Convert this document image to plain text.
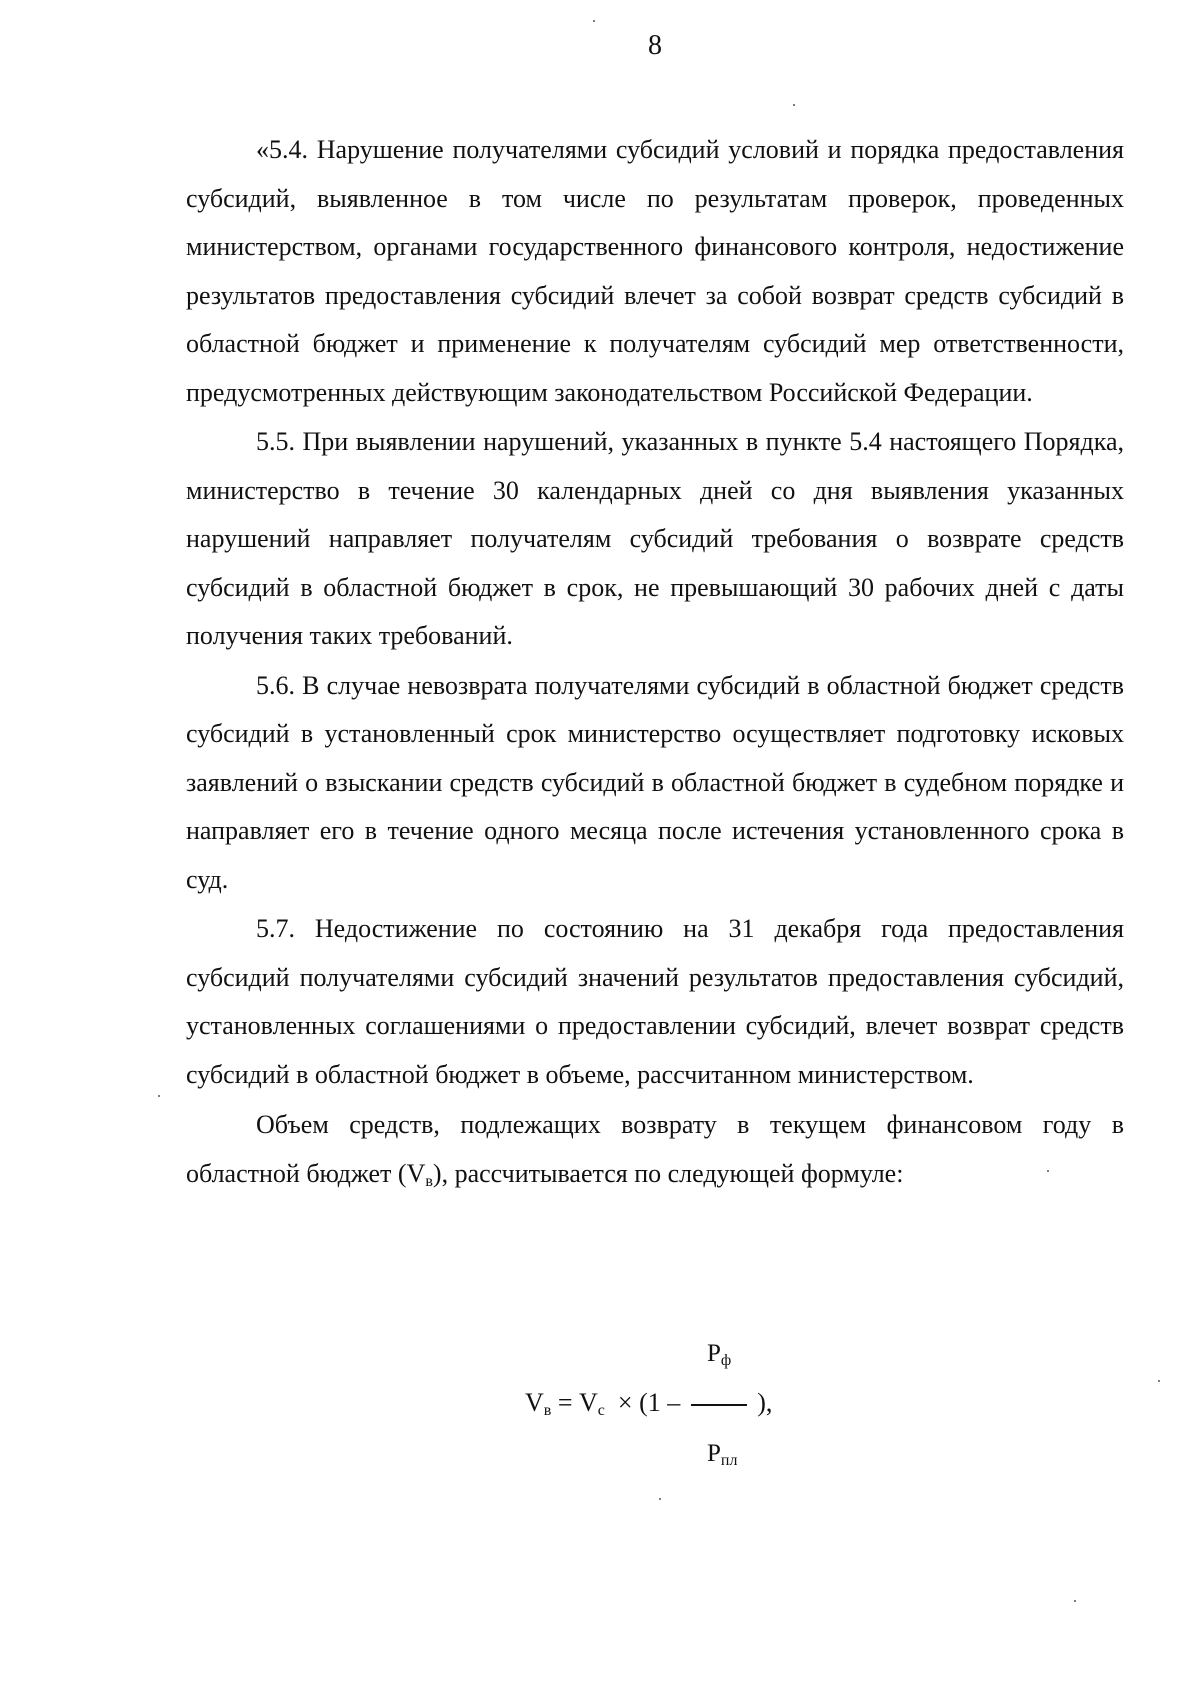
8

«5.4. Нарушение получателями субсидий условий и порядка предоставления субсидий, выявленное в том числе по результатам проверок, проведенных министерством, органами государственного финансового контроля, недостижение результатов предоставления субсидий влечет за собой возврат средств субсидий в областной бюджет и применение к получателям субсидий мер ответственности, предусмотренных действующим законодательством Российской Федерации.

5.5. При выявлении нарушений, указанных в пункте 5.4 настоящего Порядка, министерство в течение 30 календарных дней со дня выявления указанных нарушений направляет получателям субсидий требования о возврате средств субсидий в областной бюджет в срок, не превышающий 30 рабочих дней с даты получения таких требований.

5.6. В случае невозврата получателями субсидий в областной бюджет средств субсидий в установленный срок министерство осуществляет подготовку исковых заявлений о взыскании средств субсидий в областной бюджет в судебном порядке и направляет его в течение одного месяца после истечения установленного срока в суд.

5.7. Недостижение по состоянию на 31 декабря года предоставления субсидий получателями субсидий значений результатов предоставления субсидий, установленных соглашениями о предоставлении субсидий, влечет возврат средств субсидий в областной бюджет в объеме, рассчитанном министерством.

Объем средств, подлежащих возврату в текущем финансовом году в областной бюджет $(V_в)$, рассчитывается по следующей формуле:

$Р_ф$
$V_в = V_с \times (1$ –  ),
$Р_{пл}$
